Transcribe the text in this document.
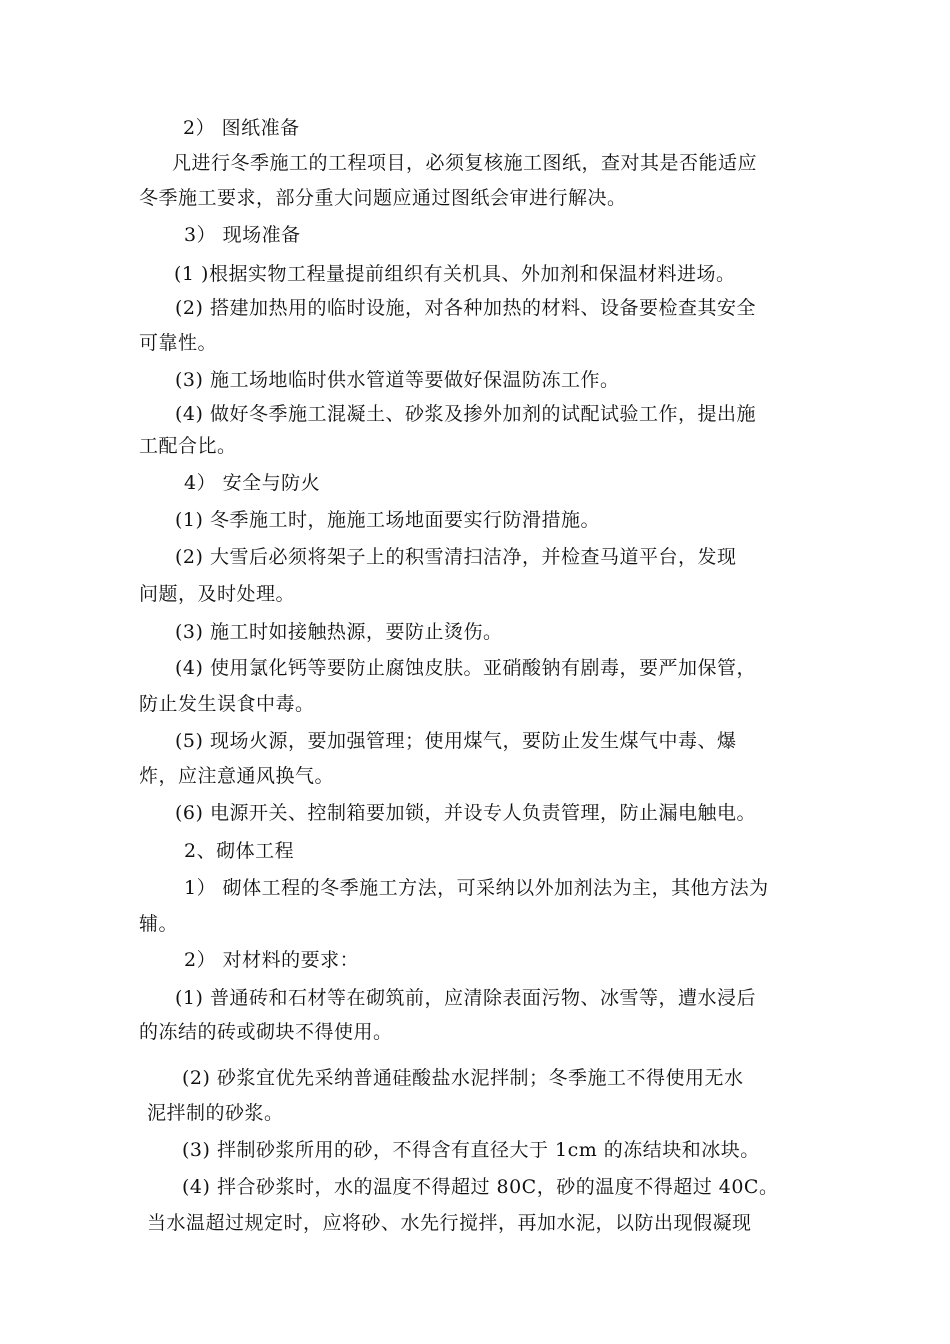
2） 图纸准备
凡进行冬季施工的工程项目，必须复核施工图纸，查对其是否能适应
冬季施工要求，部分重大问题应通过图纸会审进行解决。
3） 现场准备
(1 )根据实物工程量提前组织有关机具、外加剂和保温材料进场。
(2) 搭建加热用的临时设施，对各种加热的材料、设备要检查其安全
可靠性。
(3) 施工场地临时供水管道等要做好保温防冻工作。
(4) 做好冬季施工混凝土、砂浆及掺外加剂的试配试验工作，提出施
工配合比。
4） 安全与防火
(1) 冬季施工时，施施工场地面要实行防滑措施。
(2) 大雪后必须将架子上的积雪清扫洁净，并检查马道平台，发现
问题，及时处理。
(3) 施工时如接触热源，要防止烫伤。
(4) 使用氯化钙等要防止腐蚀皮肤。亚硝酸钠有剧毒，要严加保管，
防止发生误食中毒。
(5) 现场火源，要加强管理；使用煤气，要防止发生煤气中毒、爆
炸，应注意通风换气。
(6) 电源开关、控制箱要加锁，并设专人负责管理，防止漏电触电。
2、砌体工程
1） 砌体工程的冬季施工方法，可采纳以外加剂法为主，其他方法为
辅。
2） 对材料的要求：
(1) 普通砖和石材等在砌筑前，应清除表面污物、冰雪等，遭水浸后
的冻结的砖或砌块不得使用。
(2) 砂浆宜优先采纳普通硅酸盐水泥拌制；冬季施工不得使用无水
泥拌制的砂浆。
(3) 拌制砂浆所用的砂，不得含有直径大于 1cm 的冻结块和冰块。
(4) 拌合砂浆时，水的温度不得超过 80C，砂的温度不得超过 40C。
当水温超过规定时，应将砂、水先行搅拌，再加水泥，以防出现假凝现
